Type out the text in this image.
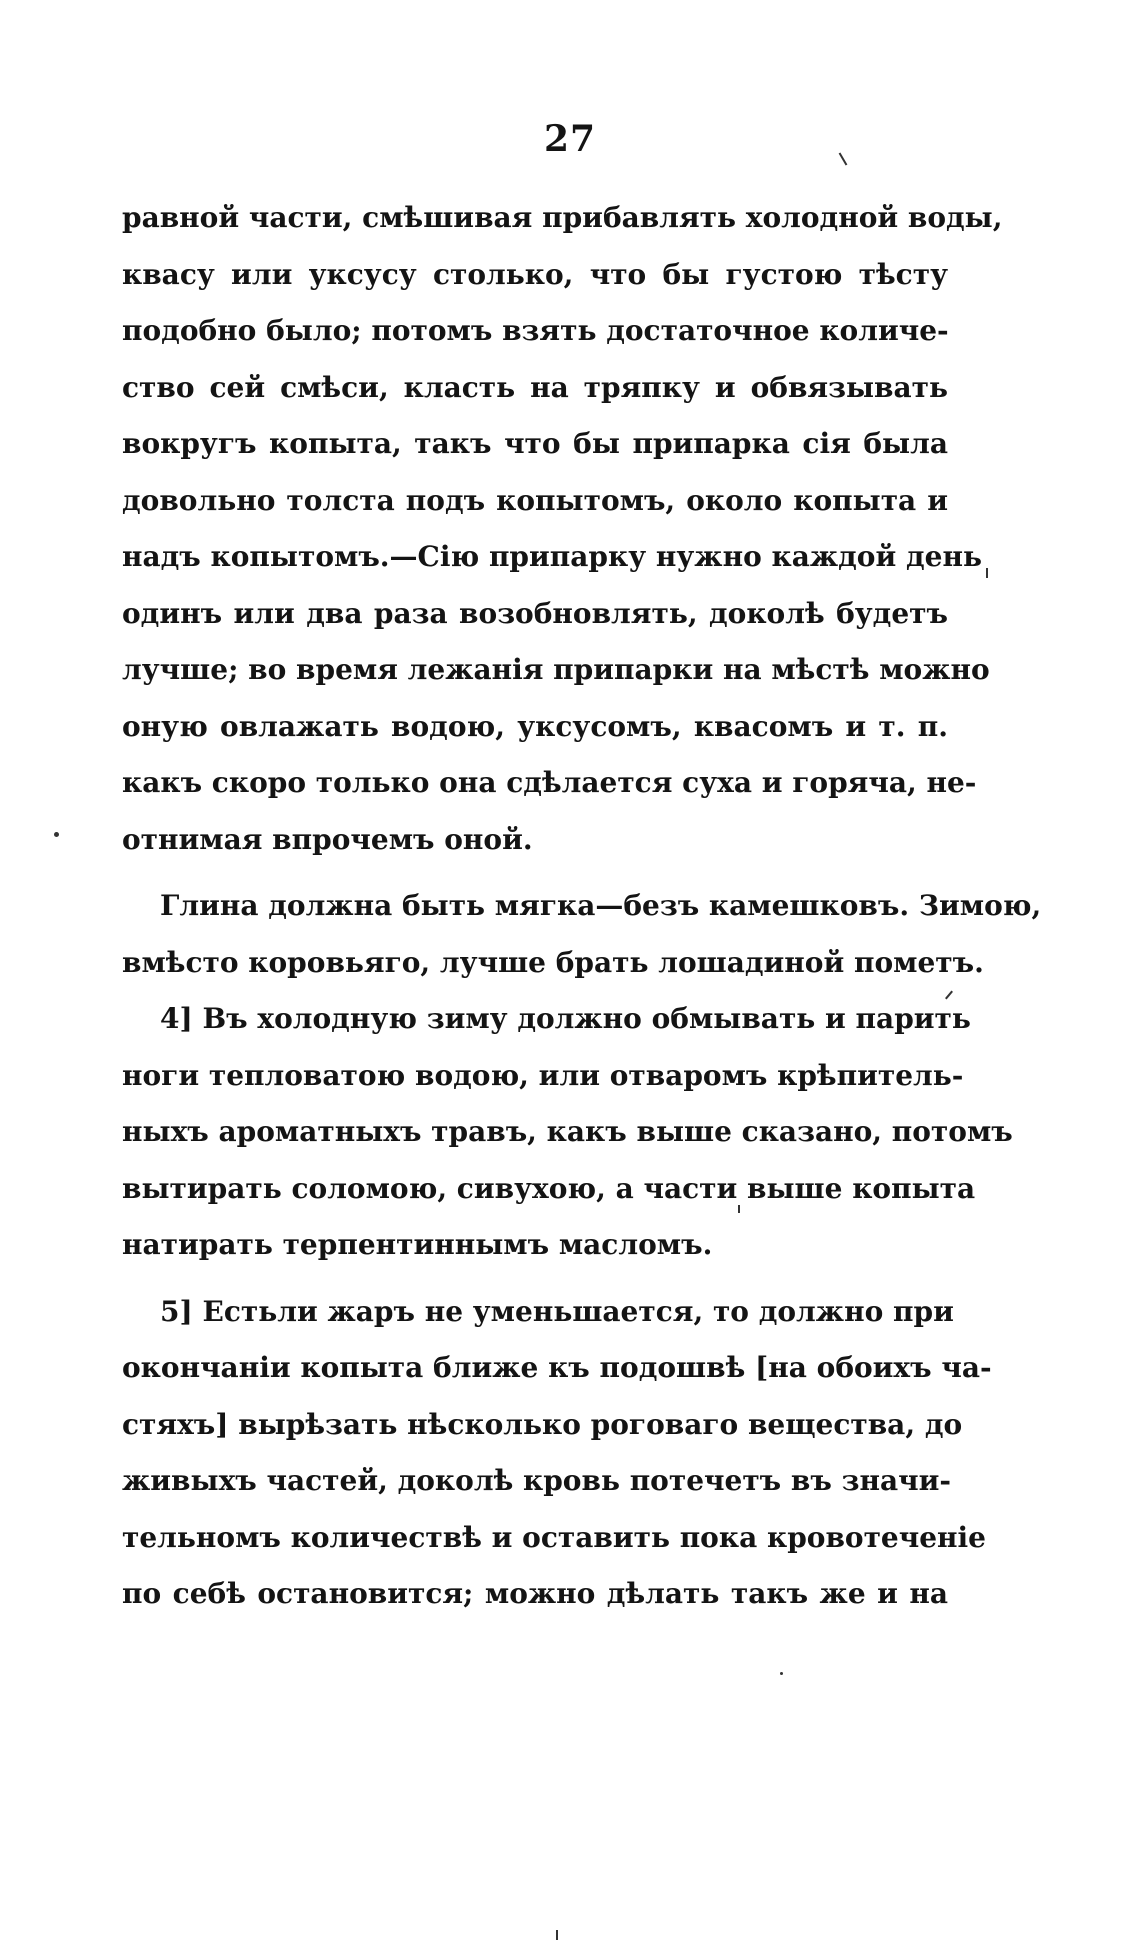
27
равной части, смѣшивая прибавлять холодной воды,
квасу или уксусу столько, что бы густою тѣсту
подобно было; потомъ взять достаточное количе-
ство сей смѣси, класть на тряпку и обвязывать
вокругъ копыта, такъ что бы припарка сія была
довольно толста подъ копытомъ, около копыта и
надъ копытомъ.—Сію припарку нужно каждой день
одинъ или два раза возобновлять, доколѣ будетъ
лучше; во время лежанія припарки на мѣстѣ можно
оную овлажать водою, уксусомъ, квасомъ и т. п.
какъ скоро только она сдѣлается суха и горяча, не-
отнимая впрочемъ оной.
Глина должна быть мягка—безъ камешковъ. Зимою,
вмѣсто коровьяго, лучше брать лошадиной пометъ.
4] Въ холодную зиму должно обмывать и парить
ноги тепловатою водою, или отваромъ крѣпитель-
ныхъ ароматныхъ травъ, какъ выше сказано, потомъ
вытирать соломою, сивухою, а части выше копыта
натирать терпентиннымъ масломъ.
5] Естьли жаръ не уменьшается, то должно при
окончаніи копыта ближе къ подошвѣ [на обоихъ ча-
стяхъ] вырѣзать нѣсколько роговаго вещества, до
живыхъ частей, доколѣ кровь потечетъ въ значи-
тельномъ количествѣ и оставить пока кровотеченіе
по себѣ остановится; можно дѣлать такъ же и на
